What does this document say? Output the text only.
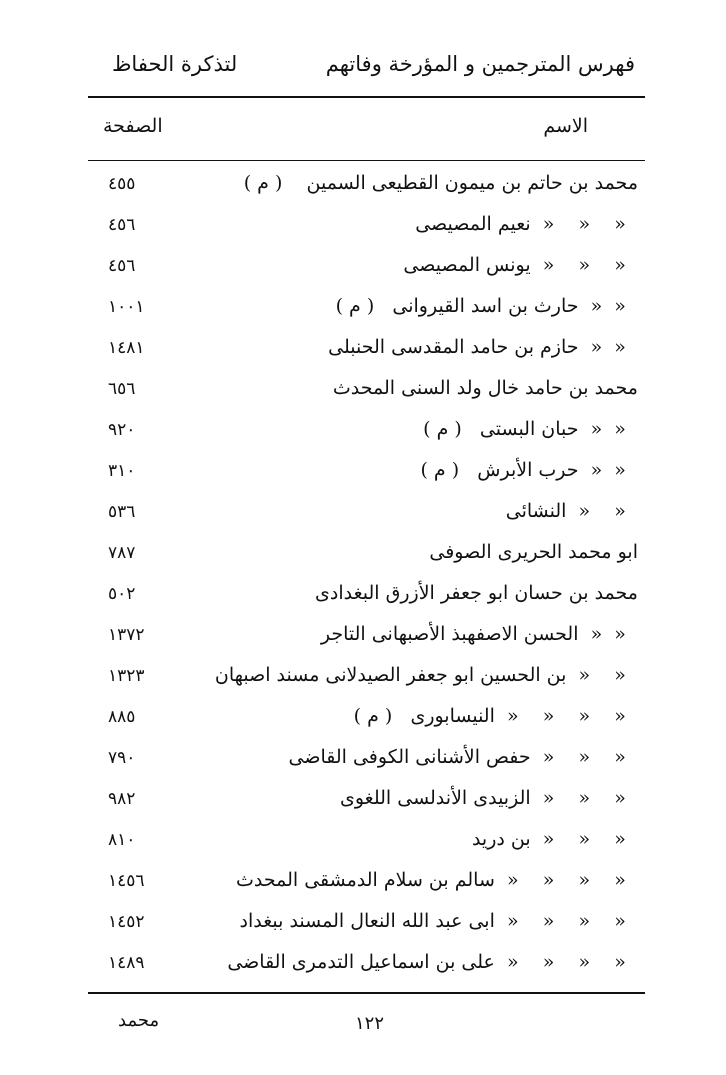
فهرس المترجمين و المؤرخة وفاتهم
لتذكرة الحفاظ
الاسم
الصفحة
محمد بن حاتم بن ميمون القطيعى السمين    ( م )
٤٥٥
«    «    «  نعيم المصيصى
٤٥٦
«    «    «  يونس المصيصى
٤٥٦
«  «  حارث بن اسد القيروانى   ( م )
١٠٠١
«  «  حازم بن حامد المقدسى الحنبلى
١٤٨١
محمد بن حامد خال ولد السنى المحدث
٦٥٦
«  «  حبان البستى   ( م )
٩٢٠
«  «  حرب الأبرش   ( م )
٣١٠
«    «  النشائى
٥٣٦
ابو محمد الحريرى الصوفى
٧٨٧
محمد بن حسان ابو جعفر الأزرق البغدادى
٥٠٢
«  «  الحسن الاصفهبذ الأصبهانى التاجر
١٣٧٢
«    «  بن الحسين ابو جعفر الصيدلانى مسند اصبهان
١٣٢٣
«    «    «    «  النيسابورى   ( م )
٨٨٥
«    «    «  حفص الأشنانى الكوفى القاضى
٧٩٠
«    «    «  الزبيدى الأندلسى اللغوى
٩٨٢
«    «    «  بن دريد
٨١٠
«    «    «    «  سالم بن سلام الدمشقى المحدث
١٤٥٦
«    «    «    «  ابى عبد الله النعال المسند ببغداد
١٤٥٢
«    «    «    «  على بن اسماعيل التدمرى القاضى
١٤٨٩
١٢٢
محمد
